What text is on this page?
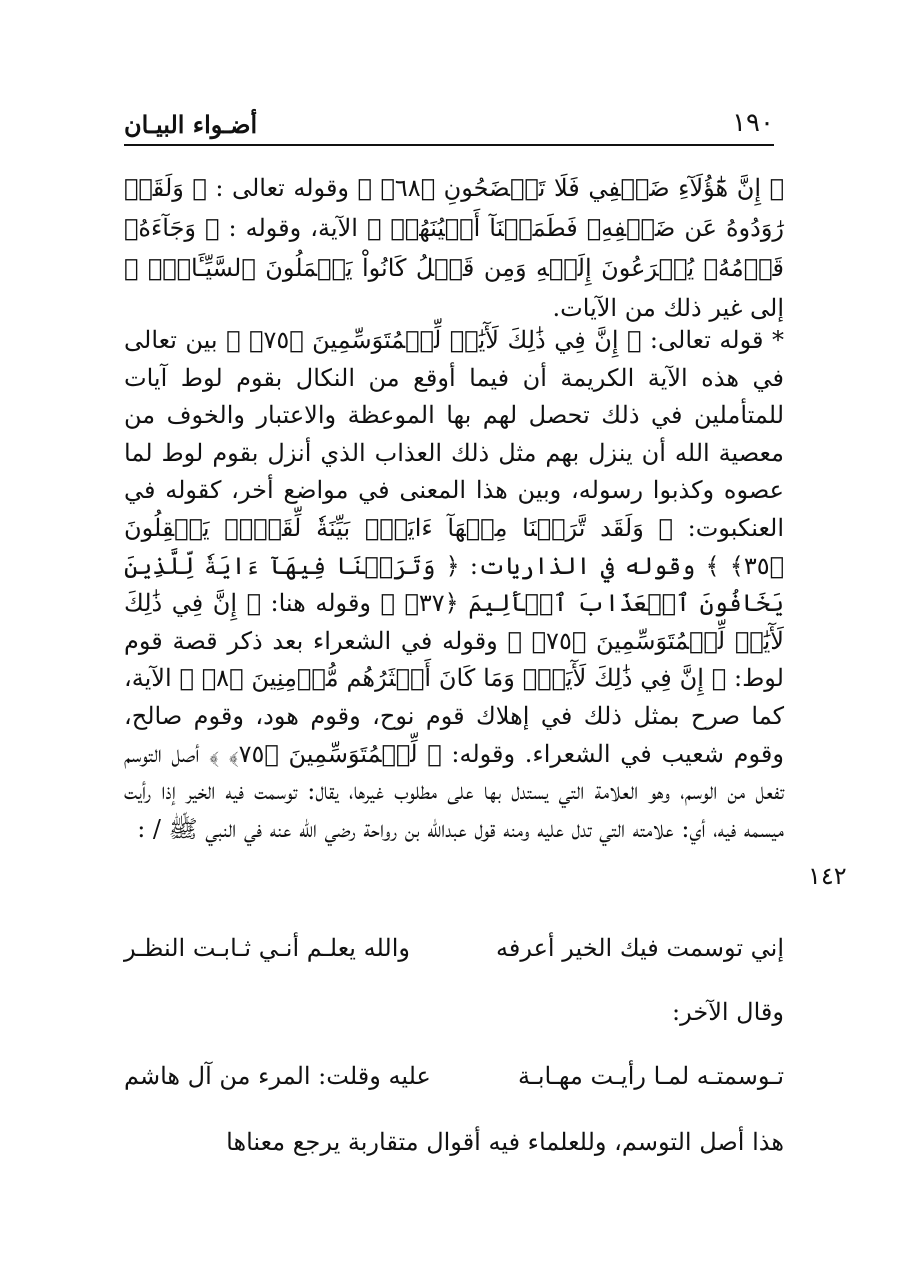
١٩٠
أضـواء البيـان

﴿ إِنَّ هَٰٓؤُلَآءِ ضَيۡفِي فَلَا تَفۡضَحُونِ ﴿٦٨﴾ ﴾ وقوله تعالى : ﴿ وَلَقَدۡ رَٰوَدُوهُ عَن ضَيۡفِهِۦ فَطَمَسۡنَآ أَعۡيُنَهُمۡ ﴾ الآية، وقوله : ﴿ وَجَآءَهُۥ قَوۡمُهُۥ يُهۡرَعُونَ إِلَيۡهِ وَمِن قَبۡلُ كَانُواْ يَعۡمَلُونَ ٱلسَّيِّـَٔاتِۚ ﴾ إلى غير ذلك من الآيات.

* قوله تعالى: ﴿ إِنَّ فِي ذَٰلِكَ لَأٓيَٰتٖ لِّلۡمُتَوَسِّمِينَ ﴿٧٥﴾ ﴾ بين تعالى في هذه الآية الكريمة أن فيما أوقع من النكال بقوم لوط آيات للمتأملين في ذلك تحصل لهم بها الموعظة والاعتبار والخوف من معصية الله أن ينزل بهم مثل ذلك العذاب الذي أنزل بقوم لوط لما عصوه وكذبوا رسوله، وبين هذا المعنى في مواضع أخر، كقوله في العنكبوت: ﴿ وَلَقَد تَّرَكۡنَا مِنۡهَآ ءَايَةَۢ بَيِّنَةٗ لِّقَوۡمٖ يَعۡقِلُونَ ﴿٣٥﴾ ﴾ وقوله في الذاريات: ﴿ وَتَرَكۡنَا فِيهَآ ءَايَةٗ لِّلَّذِينَ يَخَافُونَ ٱلۡعَذَابَ ٱلۡأَلِيمَ ﴿٣٧﴾ ﴾ وقوله هنا: ﴿ إِنَّ فِي ذَٰلِكَ لَأٓيَٰتٖ لِّلۡمُتَوَسِّمِينَ ﴿٧٥﴾ ﴾ وقوله في الشعراء بعد ذكر قصة قوم لوط: ﴿ إِنَّ فِي ذَٰلِكَ لَأٓيَةٗۖ وَمَا كَانَ أَكۡثَرُهُم مُّؤۡمِنِينَ ﴿٨﴾ ﴾ الآية، كما صرح بمثل ذلك في إهلاك قوم نوح، وقوم هود، وقوم صالح، وقوم شعيب في الشعراء. وقوله: ﴿ لِّلۡمُتَوَسِّمِينَ ﴿٧٥﴾ ﴾ أصل التوسم تفعل من الوسم، وهو العلامة التي يستدل بها على مطلوب غيرها، يقال: توسمت فيه الخير إذا رأيت ميسمه فيه، أي: علامته التي تدل عليه ومنه قول عبدالله بن رواحة رضي الله عنه في النبي ﷺ / :

١٤٢
إني توسمت فيك الخير أعرفه
والله يعلـم أنـي ثـابـت النظـر
وقال الآخر:
تـوسمتـه لمـا رأيـت مهـابـة
عليه وقلت: المرء من آل هاشم
هذا أصل التوسم، وللعلماء فيه أقوال متقاربة يرجع معناها
